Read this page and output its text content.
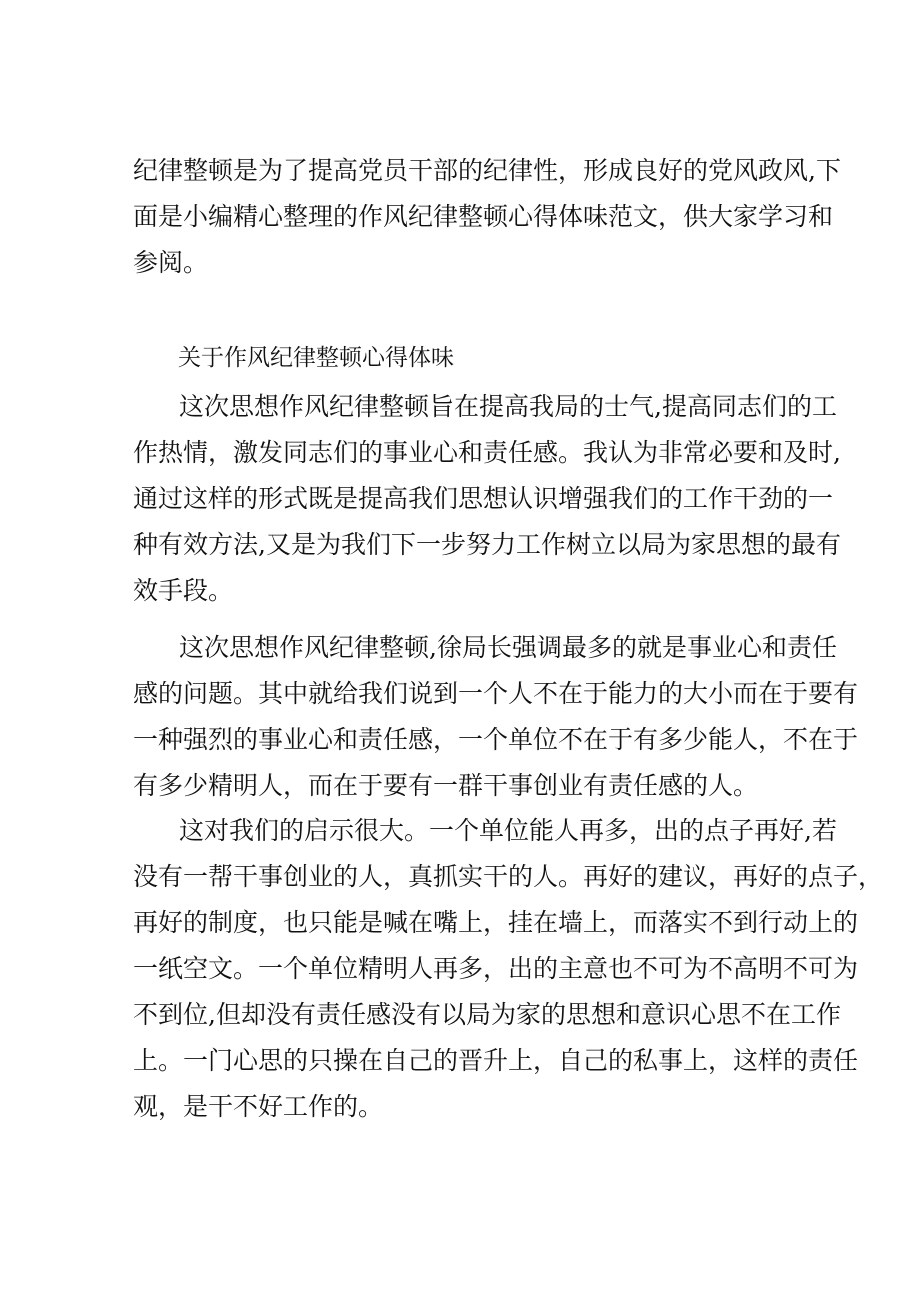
纪律整顿是为了提高党员干部的纪律性，形成良好的党风政风,下
面是小编精心整理的作风纪律整顿心得体味范文，供大家学习和
参阅。
关于作风纪律整顿心得体味
这次思想作风纪律整顿旨在提高我局的士气,提高同志们的工
作热情，激发同志们的事业心和责任感。我认为非常必要和及时,
通过这样的形式既是提高我们思想认识增强我们的工作干劲的一
种有效方法,又是为我们下一步努力工作树立以局为家思想的最有
效手段。
这次思想作风纪律整顿,徐局长强调最多的就是事业心和责任
感的问题。其中就给我们说到一个人不在于能力的大小而在于要有
一种强烈的事业心和责任感，一个单位不在于有多少能人，不在于
有多少精明人，而在于要有一群干事创业有责任感的人。
这对我们的启示很大。一个单位能人再多，出的点子再好,若
没有一帮干事创业的人，真抓实干的人。再好的建议，再好的点子，
再好的制度，也只能是喊在嘴上，挂在墙上，而落实不到行动上的
一纸空文。一个单位精明人再多，出的主意也不可为不高明不可为
不到位,但却没有责任感没有以局为家的思想和意识心思不在工作
上。一门心思的只操在自己的晋升上，自己的私事上，这样的责任
观，是干不好工作的。
